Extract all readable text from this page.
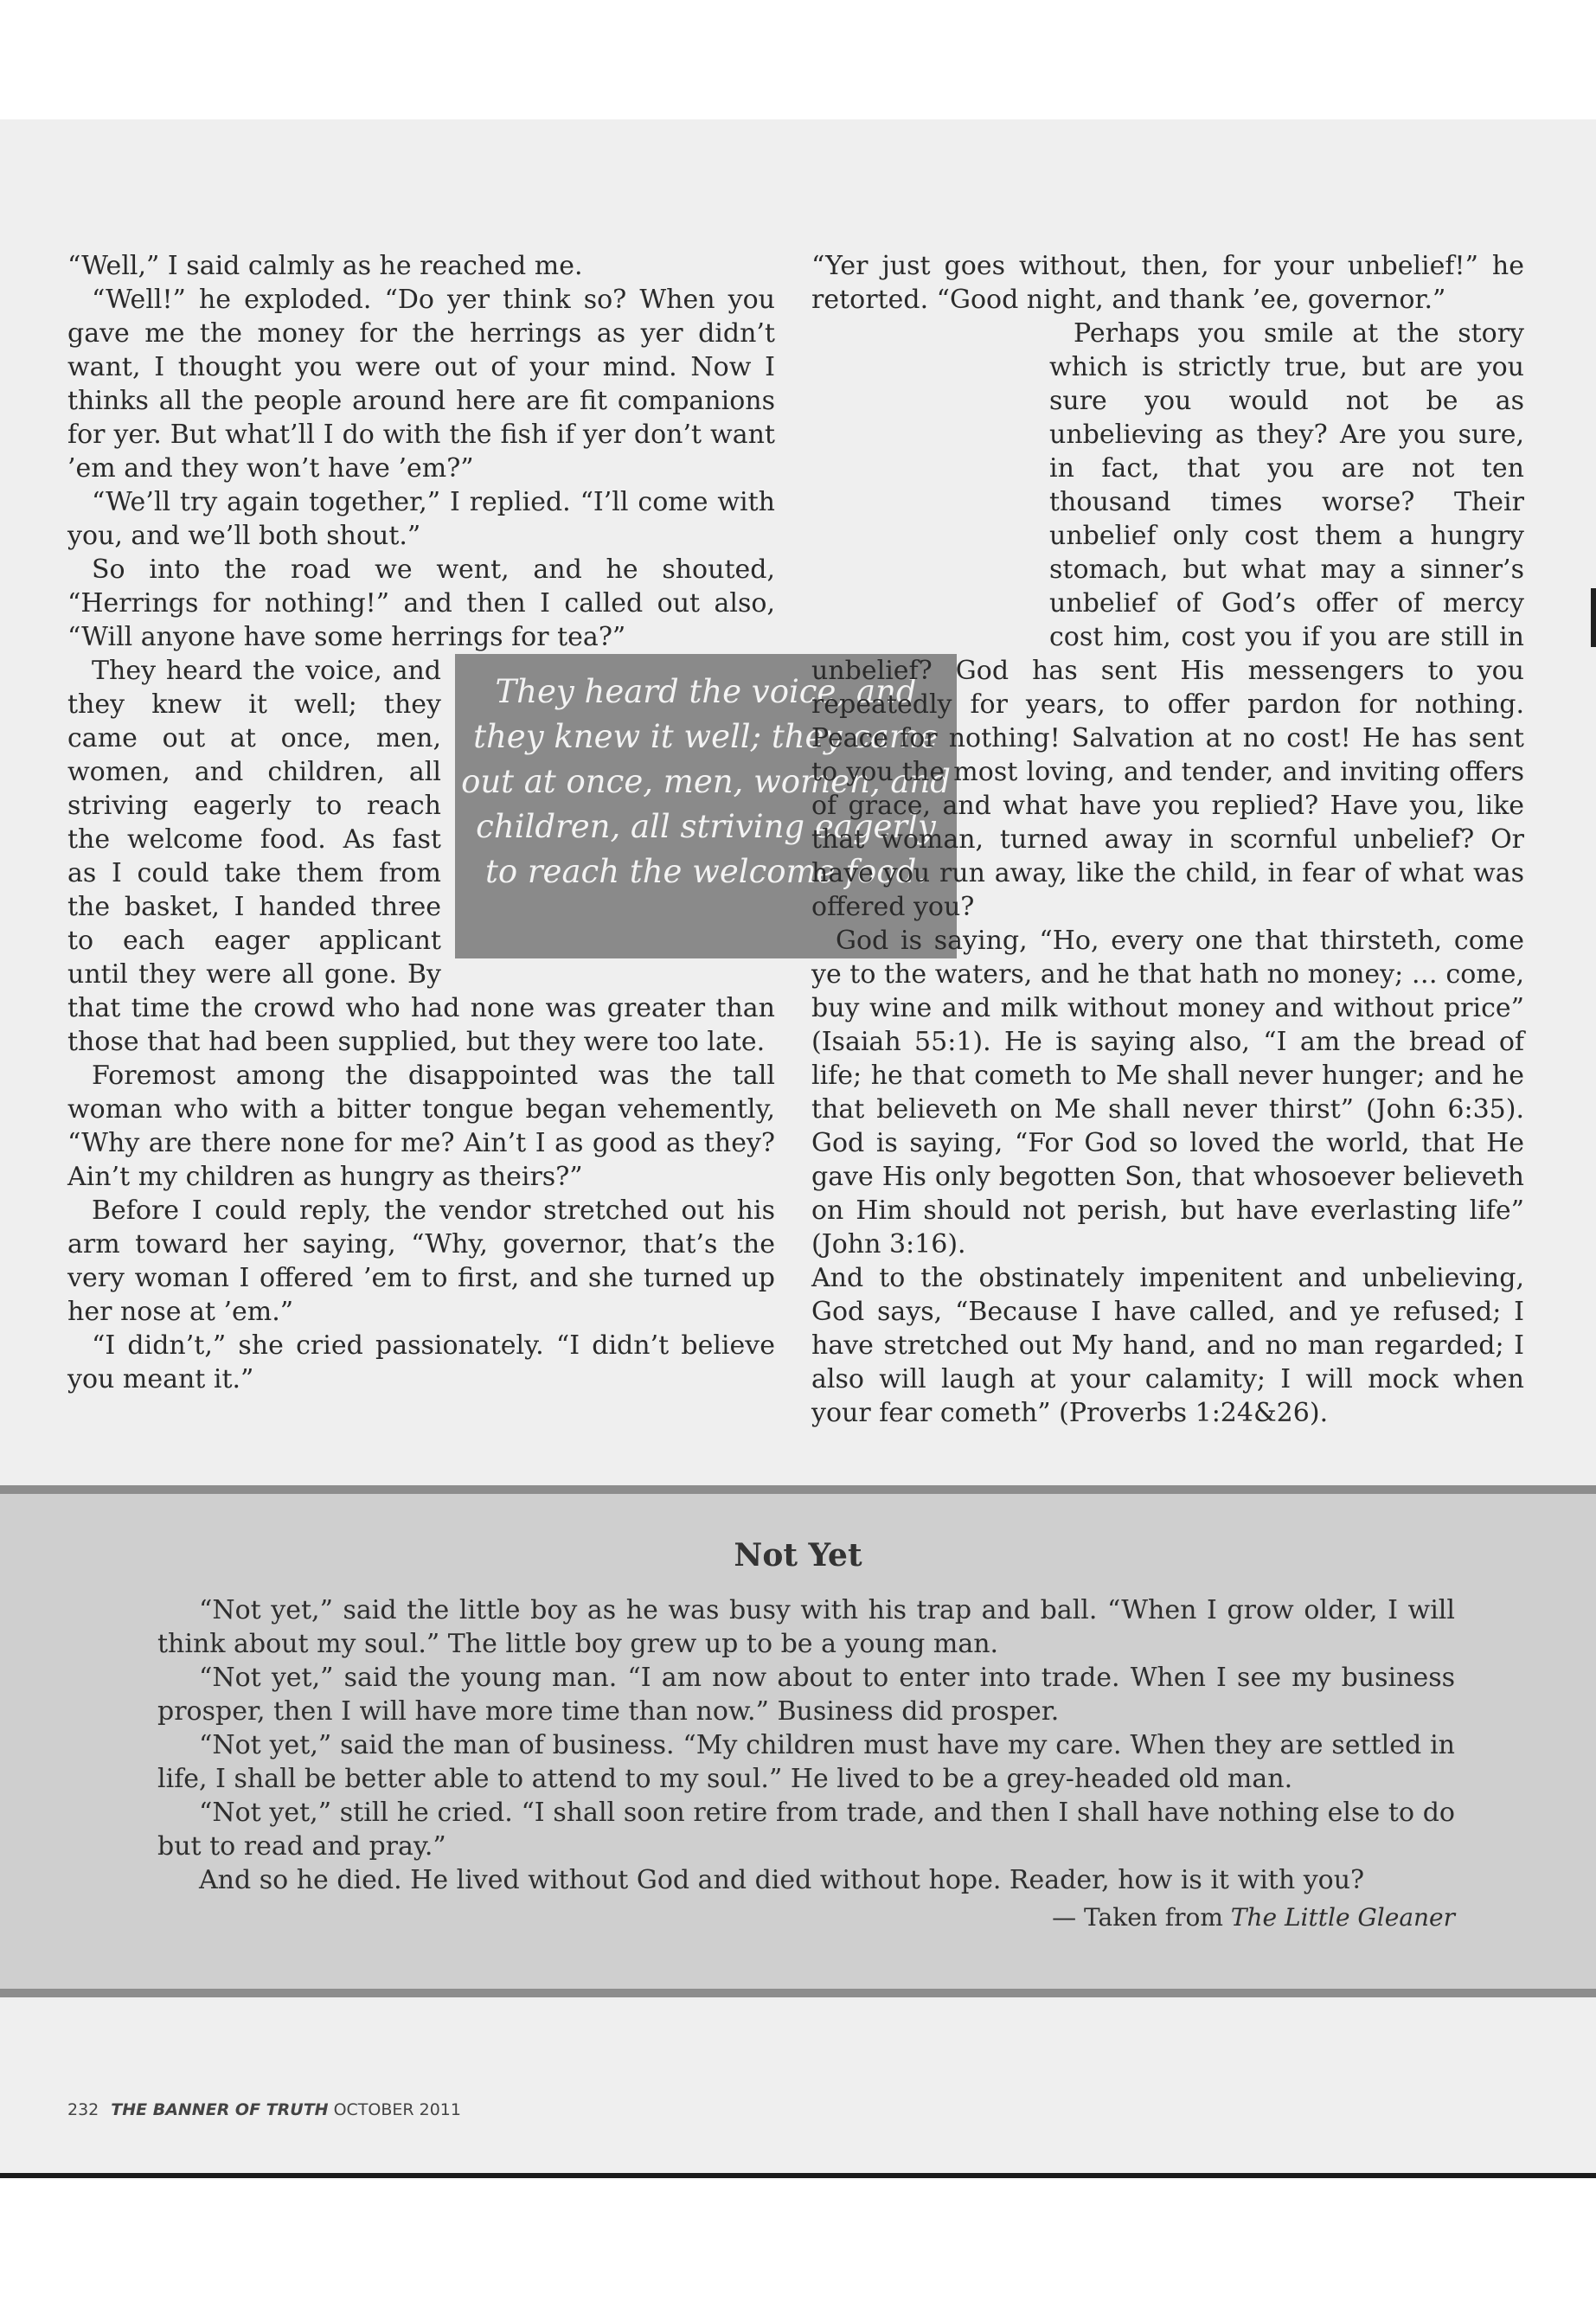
“Well,” I said calmly as he reached me.

“Well!” he exploded. “Do yer think so? When you gave me the money for the herrings as yer didn’t want, I thought you were out of your mind. Now I thinks all the people around here are fit companions for yer. But what’ll I do with the fish if yer don’t want ’em and they won’t have ’em?”

“We’ll try again together,” I replied. “I’ll come with you, and we’ll both shout.”

So into the road we went, and he shouted, “Herrings for nothing!” and then I called out also, “Will anyone have some herrings for tea?”

They heard the voice, and they knew it well; they came out at once, men, women, and children, all striving eagerly to reach the welcome food.

They heard the voice, and they knew it well; they came out at once, men, women, and children, all striving eagerly to reach the welcome food. As fast as I could take them from the basket, I handed three to each eager applicant until they were all gone. By that time the crowd who had none was greater than those that had been supplied, but they were too late.

Foremost among the disappointed was the tall woman who with a bitter tongue began vehemently, “Why are there none for me? Ain’t I as good as they? Ain’t my children as hungry as theirs?”

Before I could reply, the vendor stretched out his arm toward her saying, “Why, governor, that’s the very woman I offered ’em to first, and she turned up her nose at ’em.”

“I didn’t,” she cried passionately. “I didn’t believe you meant it.”

“Yer just goes without, then, for your unbelief!” he retorted. “Good night, and thank ’ee, governor.”

Perhaps you smile at the story which is strictly true, but are you sure you would not be as unbelieving as they? Are you sure, in fact, that you are not ten thousand times worse? Their unbelief only cost them a hungry stomach, but what may a sinner’s unbelief of God’s offer of mercy cost him, cost you if you are still in unbelief? God has sent His messengers to you repeatedly for years, to offer pardon for nothing. Peace for nothing! Salvation at no cost! He has sent to you the most loving, and tender, and inviting offers of grace, and what have you replied? Have you, like that woman, turned away in scornful unbelief? Or have you run away, like the child, in fear of what was offered you?

God is saying, “Ho, every one that thirsteth, come ye to the waters, and he that hath no money; … come, buy wine and milk without money and without price” (Isaiah 55:1). He is saying also, “I am the bread of life; he that cometh to Me shall never hunger; and he that believeth on Me shall never thirst” (John 6:35). God is saying, “For God so loved the world, that He gave His only begotten Son, that whosoever believeth on Him should not perish, but have everlasting life” (John 3:16).

And to the obstinately impenitent and unbelieving, God says, “Because I have called, and ye refused; I have stretched out My hand, and no man regarded; I also will laugh at your calamity; I will mock when your fear cometh” (Proverbs 1:24&26).

Not Yet

“Not yet,” said the little boy as he was busy with his trap and ball. “When I grow older, I will think about my soul.” The little boy grew up to be a young man.

“Not yet,” said the young man. “I am now about to enter into trade. When I see my business prosper, then I will have more time than now.” Business did prosper.

“Not yet,” said the man of business. “My children must have my care. When they are settled in life, I shall be better able to attend to my soul.” He lived to be a grey-headed old man.

“Not yet,” still he cried. “I shall soon retire from trade, and then I shall have nothing else to do but to read and pray.”

And so he died. He lived without God and died without hope. Reader, how is it with you?

— Taken from The Little Gleaner
232 THE BANNER OF TRUTH OCTOBER 2011
